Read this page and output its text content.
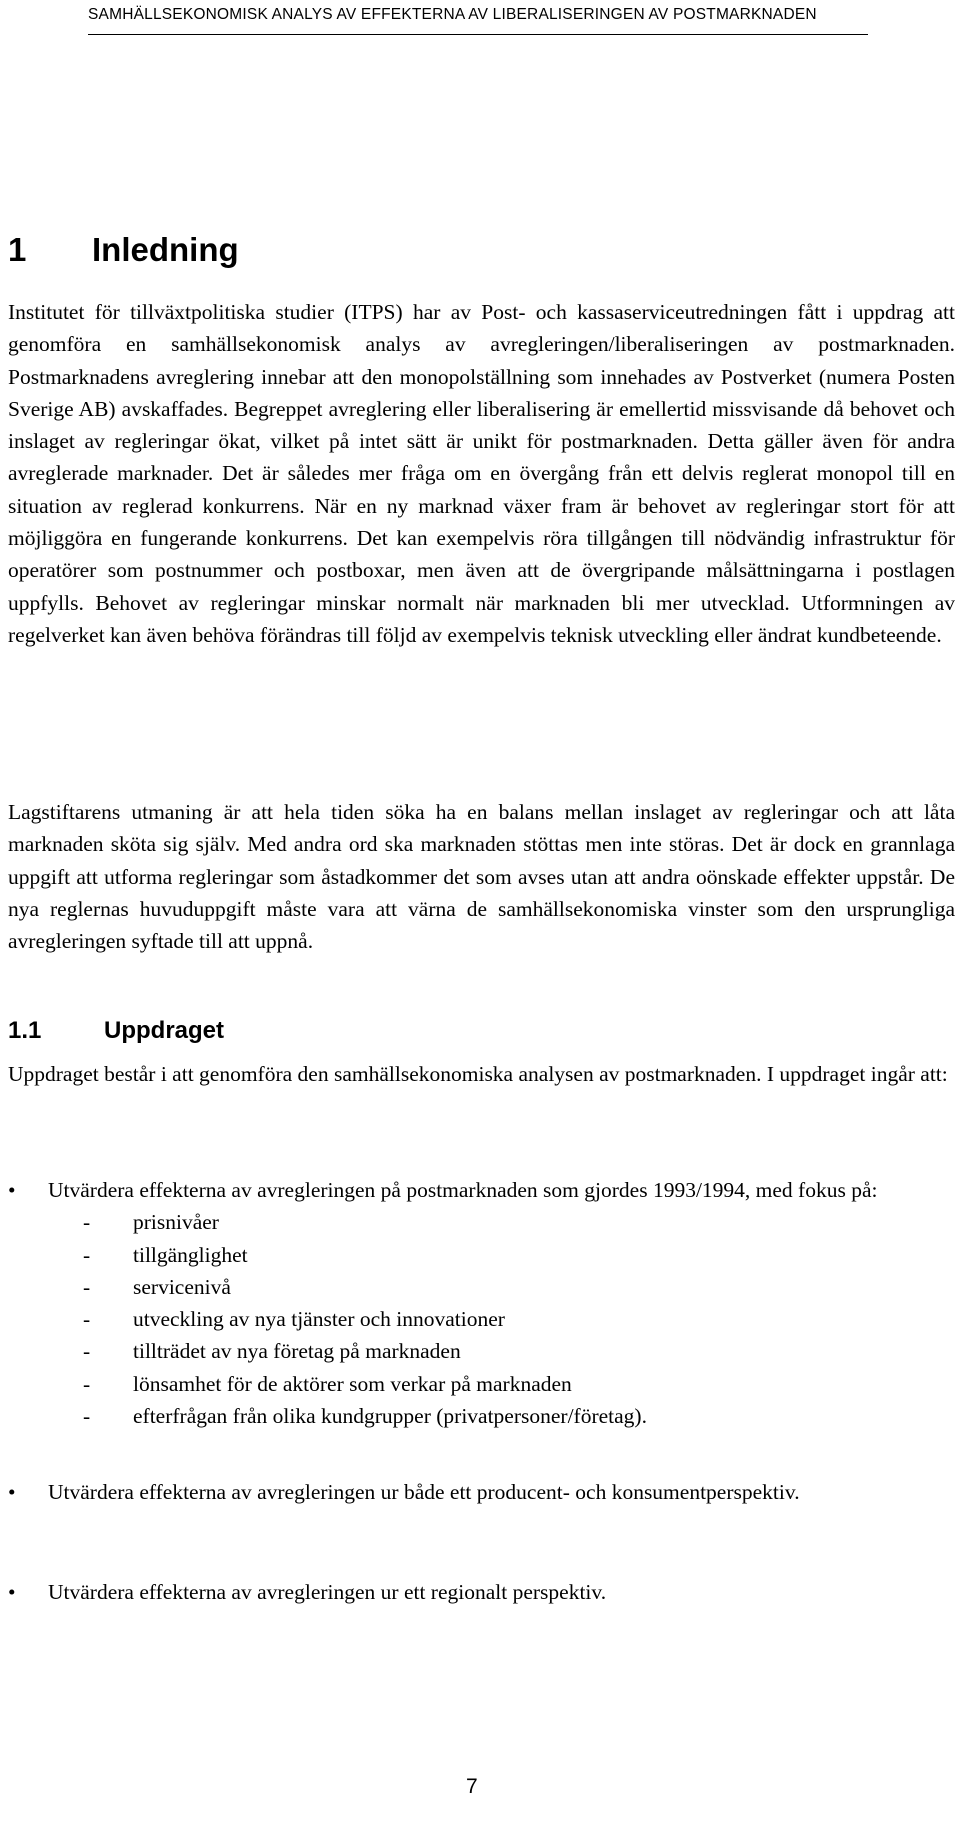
SAMHÄLLSEKONOMISK ANALYS AV EFFEKTERNA AV LIBERALISERINGEN AV POSTMARKNADEN
1 Inledning

Institutet för tillväxtpolitiska studier (ITPS) har av Post- och kassaserviceutredningen fått i uppdrag att genomföra en samhällsekonomisk analys av avregleringen/liberaliseringen av postmarknaden. Postmarknadens avreglering innebar att den monopolställning som innehades av Postverket (numera Posten Sverige AB) avskaffades. Begreppet avreglering eller liberalisering är emellertid missvisande då behovet och inslaget av regleringar ökat, vilket på intet sätt är unikt för postmarknaden. Detta gäller även för andra avreglerade marknader. Det är således mer fråga om en övergång från ett delvis reglerat monopol till en situation av reglerad konkurrens. När en ny marknad växer fram är behovet av regleringar stort för att möjliggöra en fungerande konkurrens. Det kan exempelvis röra tillgången till nödvändig infrastruktur för operatörer som postnummer och postboxar, men även att de övergripande målsättningarna i postlagen uppfylls. Behovet av regleringar minskar normalt när marknaden bli mer utvecklad. Utformningen av regelverket kan även behöva förändras till följd av exempelvis teknisk utveckling eller ändrat kundbeteende.

Lagstiftarens utmaning är att hela tiden söka ha en balans mellan inslaget av regleringar och att låta marknaden sköta sig själv. Med andra ord ska marknaden stöttas men inte störas. Det är dock en grannlaga uppgift att utforma regleringar som åstadkommer det som avses utan att andra oönskade effekter uppstår. De nya reglernas huvuduppgift måste vara att värna de samhällsekonomiska vinster som den ursprungliga avregleringen syftade till att uppnå.

1.1	Uppdraget

Uppdraget består i att genomföra den samhällsekonomiska analysen av postmarknaden. I uppdraget ingår att:

•	Utvärdera effekterna av avregleringen på postmarknaden som gjordes 1993/1994, med fokus på:
- prisnivåer
- tillgänglighet
- servicenivå
- utveckling av nya tjänster och innovationer
- tillträdet av nya företag på marknaden
- lönsamhet för de aktörer som verkar på marknaden
- efterfrågan från olika kundgrupper (privatpersoner/företag).
•	Utvärdera effekterna av avregleringen ur både ett producent- och konsumentperspektiv.
•	Utvärdera effekterna av avregleringen ur ett regionalt perspektiv.
7
